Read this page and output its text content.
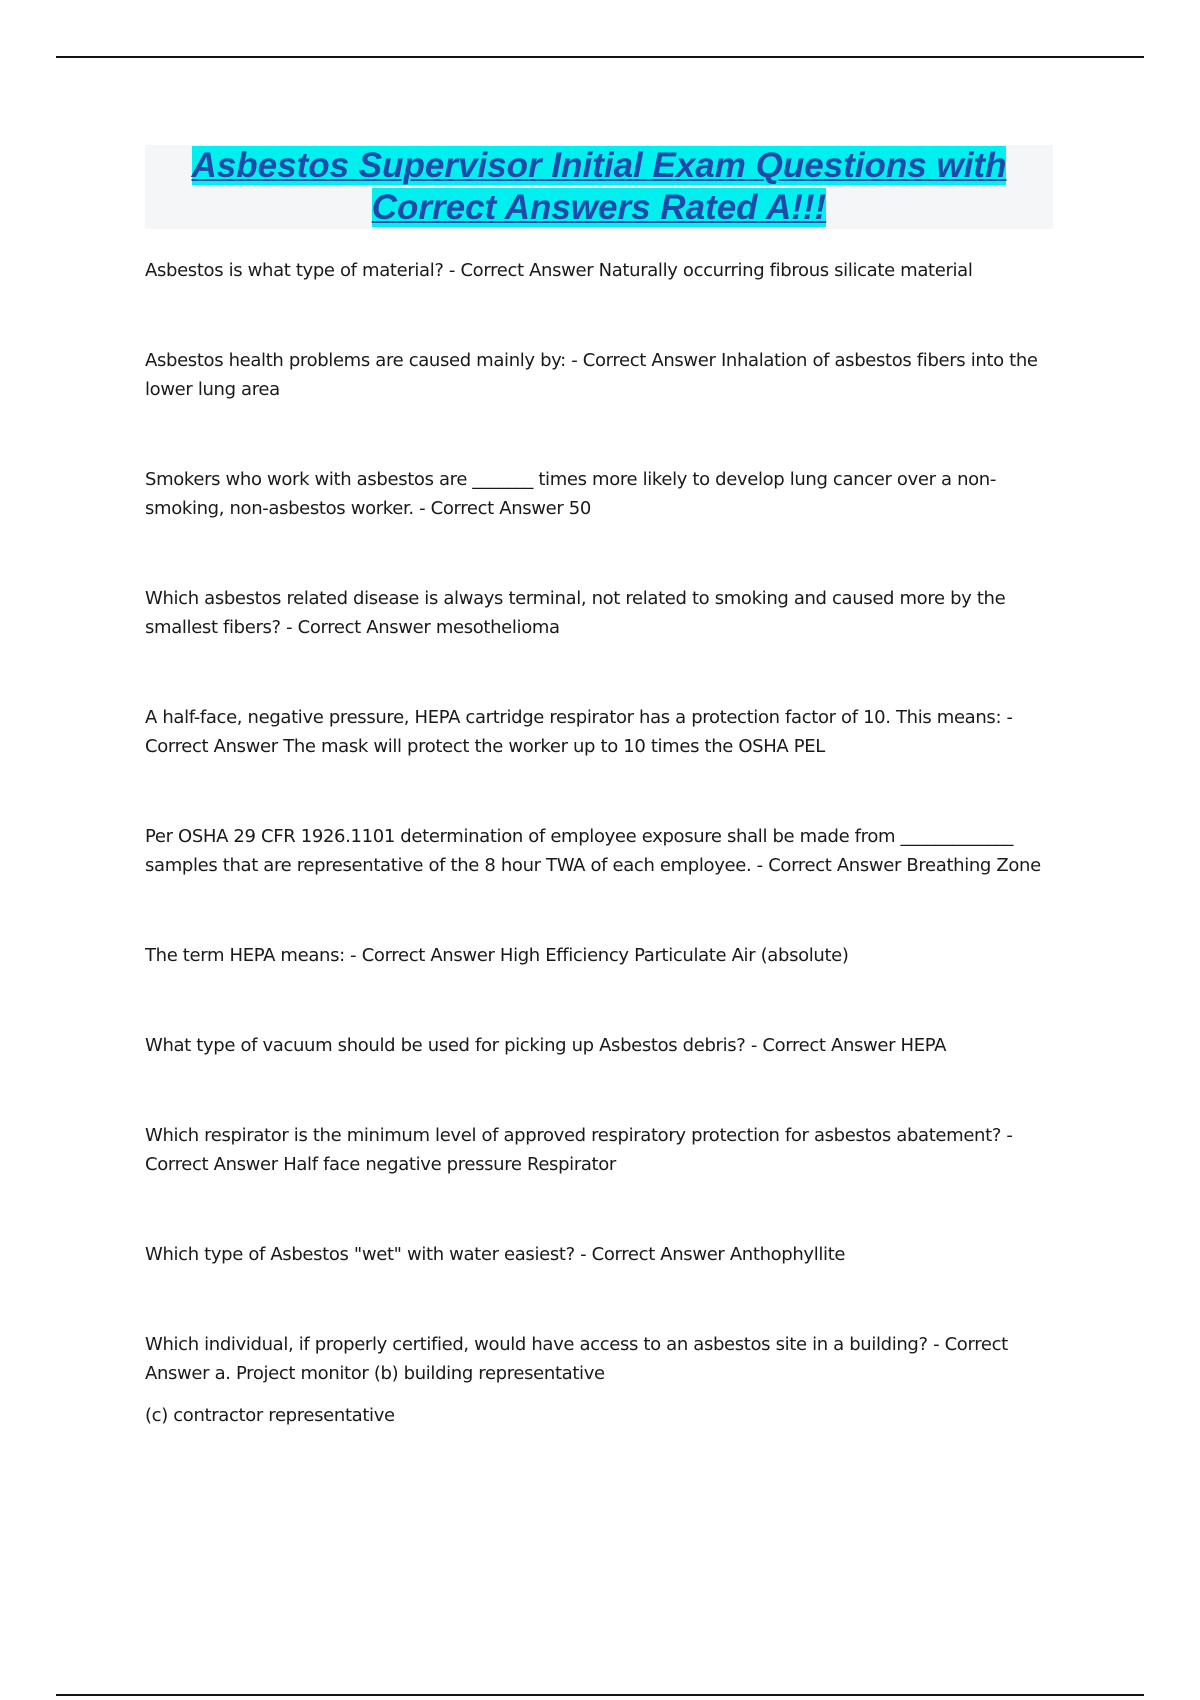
Asbestos Supervisor Initial Exam Questions with Correct Answers Rated A!!!

Asbestos is what type of material? - Correct Answer Naturally occurring fibrous silicate material

Asbestos health problems are caused mainly by: - Correct Answer Inhalation of asbestos fibers into the lower lung area

Smokers who work with asbestos are _______ times more likely to develop lung cancer over a non-smoking, non-asbestos worker. - Correct Answer 50

Which asbestos related disease is always terminal, not related to smoking and caused more by the smallest fibers? - Correct Answer mesothelioma

A half-face, negative pressure, HEPA cartridge respirator has a protection factor of 10. This means: - Correct Answer The mask will protect the worker up to 10 times the OSHA PEL

Per OSHA 29 CFR 1926.1101 determination of employee exposure shall be made from _____________ samples that are representative of the 8 hour TWA of each employee. - Correct Answer Breathing Zone

The term HEPA means: - Correct Answer High Efficiency Particulate Air (absolute)

What type of vacuum should be used for picking up Asbestos debris? - Correct Answer HEPA

Which respirator is the minimum level of approved respiratory protection for asbestos abatement? - Correct Answer Half face negative pressure Respirator

Which type of Asbestos "wet" with water easiest? - Correct Answer Anthophyllite

Which individual, if properly certified, would have access to an asbestos site in a building? - Correct Answer a. Project monitor (b) building representative

(c) contractor representative
